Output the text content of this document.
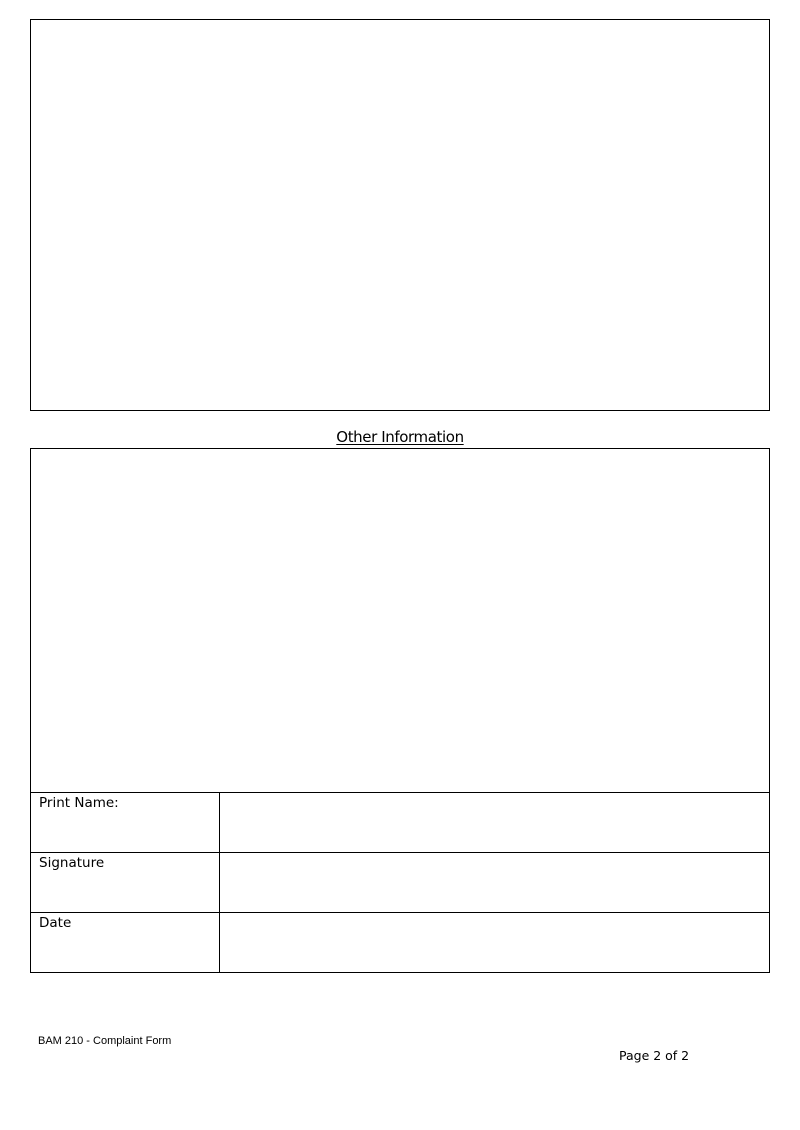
Other Information
Print Name:	
Signature	
Date	
BAM 210 - Complaint Form
Page 2 of 2
